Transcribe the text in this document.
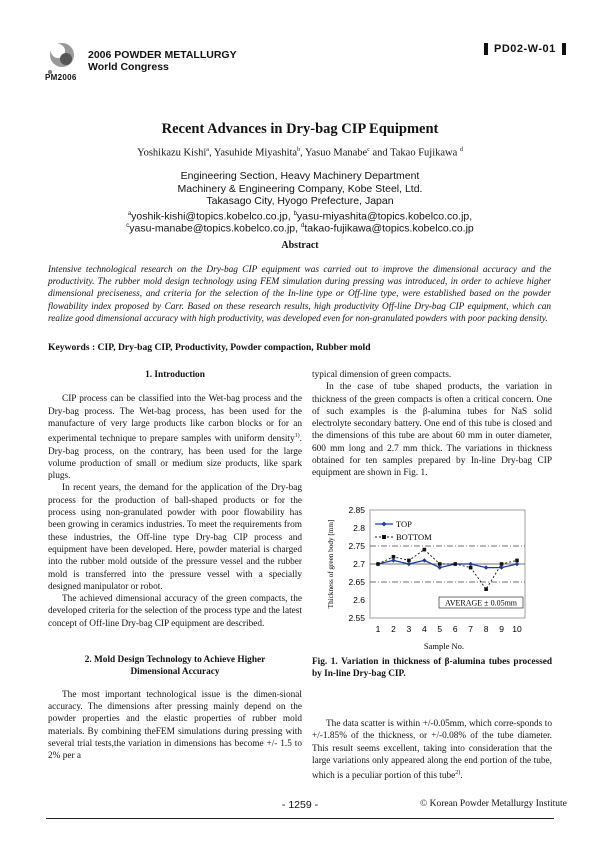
2006 POWDER METALLURGY
World Congress
PM2006
PD02-W-01
Recent Advances in Dry-bag CIP Equipment
Yoshikazu Kishi$^a$, Yasuhide Miyashita$^b$, Yasuo Manabe$^c$ and Takao Fujikawa $^d$
Engineering Section, Heavy Machinery Department
Machinery & Engineering Company, Kobe Steel, Ltd.
Takasago City, Hyogo Prefecture, Japan
$^a$yoshik-kishi@topics.kobelco.co.jp, $^b$yasu-miyashita@topics.kobelco.co.jp,
$^c$yasu-manabe@topics.kobelco.co.jp, $^d$takao-fujikawa@topics.kobelco.co.jp
Abstract
Intensive technological research on the Dry-bag CIP equipment was carried out to improve the dimensional accuracy and the productivity. The rubber mold design technology using FEM simulation during pressing was introduced, in order to achieve higher dimensional preciseness, and criteria for the selection of the In-line type or Off-line type, were established based on the powder flowability index proposed by Carr. Based on these research results, high productivity Off-line Dry-bag CIP equipment, which can realize good dimensional accuracy with high productivity, was developed even for non-granulated powders with poor packing density.
Keywords : CIP, Dry-bag CIP, Productivity, Powder compaction, Rubber mold

1. Introduction

CIP process can be classified into the Wet-bag process and the Dry-bag process. The Wet-bag process, has been used for the manufacture of very large products like carbon blocks or for an experimental technique to prepare samples with uniform density$^{1)}$. Dry-bag process, on the contrary, has been used for the large volume production of small or medium size products, like spark plugs.

In recent years, the demand for the application of the Dry-bag process for the production of ball-shaped products or for the process using non-granulated powder with poor flowability has been growing in ceramics industries. To meet the requirements from these industries, the Off-line type Dry-bag CIP process and equipment have been developed. Here, powder material is charged into the rubber mold outside of the pressure vessel and the rubber mold is transferred into the pressure vessel with a specially designed manipulator or robot.

The achieved dimensional accuracy of the green compacts, the developed criteria for the selection of the process type and the latest concept of Off-line Dry-bag CIP equipment are described.

2. Mold Design Technology to Achieve Higher Dimensional Accuracy

The most important technological issue is the dimen-sional accuracy. The dimensions after pressing mainly depend on the powder properties and the elastic properties of rubber mold materials. By combining theFEM simulations during pressing with several trial tests,the variation in dimensions has become +/- 1.5 to 2% per a

typical dimension of green compacts.

In the case of tube shaped products, the variation in thickness of the green compacts is often a critical concern. One of such examples is the β-alumina tubes for NaS solid electrolyte secondary battery. One end of this tube is closed and the dimensions of this tube are about 60 mm in outer diameter, 600 mm long and 2.7 mm thick. The variations in thickness obtained for ten samples prepared by In-line Dry-bag CIP equipment are shown in Fig. 1.

2.55
2.6
2.65
2.7
2.75
2.8
2.85
1 2 3 4 5 6 7 8 9 10
Thickness of green body [mm]
Sample No.
TOP
BOTTOM
AVERAGE ± 0.05mm
Fig. 1. Variation in thickness of β-alumina tubes processed by In-line Dry-bag CIP.

The data scatter is within +/-0.05mm, which corre-sponds to +/-1.85% of the thickness, or +/-0.08% of the tube diameter. This result seems excellent, taking into consideration that the large variations only appeared along the end portion of the tube, which is a peculiar portion of this tube$^{2)}$.

- 1259 -	© Korean Powder Metallurgy Institute
